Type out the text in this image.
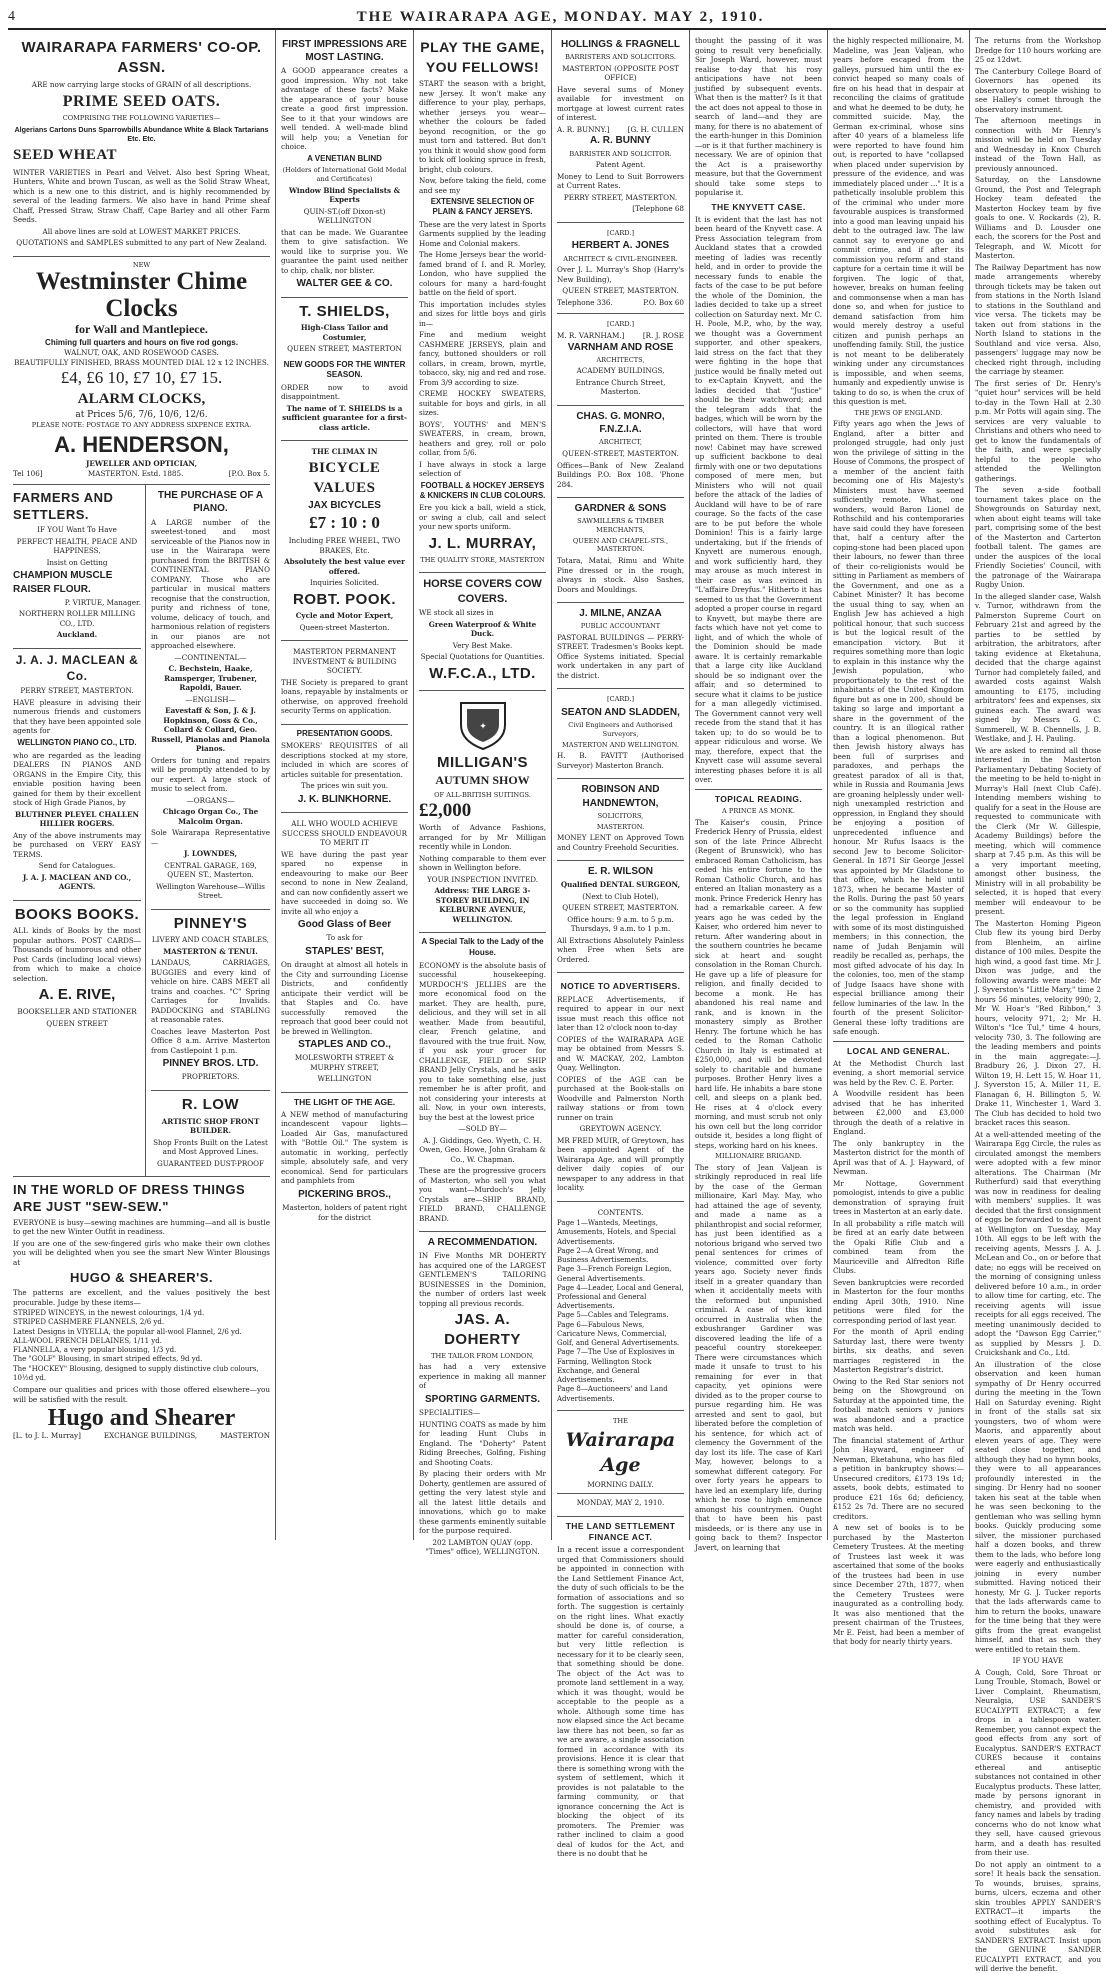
4	THE WAIRARAPA AGE, MONDAY. MAY 2, 1910.
WAIRARAPA FARMERS' CO-OP. ASSN.

ARE now carrying large stocks of GRAIN of all descriptions.

PRIME SEED OATS.

COMPRISING THE FOLLOWING VARIETIES—

Algerians Cartons Duns Sparrowbills Abundance White & Black Tartarians Etc. Etc.

SEED WHEAT

WINTER VARIETIES in Pearl and Velvet. Also best Spring Wheat, Hunters, White and brown Tuscan, as well as the Solid Straw Wheat, which is a new one to this district, and is highly recommended by several of the leading farmers. We also have in hand Prime sheaf Chaff, Pressed Straw, Straw Chaff, Cape Barley and all other Farm Seeds.

All above lines are sold at LOWEST MARKET PRICES.

QUOTATIONS and SAMPLES submitted to any part of New Zealand.

NEW
Westminster Chime Clocks
for Wall and Mantlepiece.
Chiming full quarters and hours on five rod gongs.
WALNUT, OAK, AND ROSEWOOD CASES.
BEAUTIFULLY FINISHED, BRASS MOUNTED DIAL 12 x 12 INCHES.
£4, £6 10, £7 10, £7 15.
ALARM CLOCKS,
at Prices 5/6, 7/6, 10/6, 12/6.
PLEASE NOTE: POSTAGE TO ANY ADDRESS SIXPENCE EXTRA.
A. HENDERSON,
JEWELLER AND OPTICIAN,
Tel 106]	MASTERTON. Estd. 1885.	[P.O. Box 5.
FARMERS AND SETTLERS.

IF YOU Want To Have

PERFECT HEALTH, PEACE AND HAPPINESS,

Insist on Getting

CHAMPION MUSCLE RAISER FLOUR.

P. VIRTUE, Manager.

NORTHERN ROLLER MILLING CO., LTD.

Auckland.

J. A. J. MACLEAN & Co.

PERRY STREET, MASTERTON.

HAVE pleasure in advising their numerous friends and customers that they have been appointed sole agents for

WELLINGTON PIANO CO., LTD.

who are regarded as the leading DEALERS IN PIANOS AND ORGANS in the Empire City, this enviable position having been gained for them by their excellent stock of High Grade Pianos, by

BLUTHNER PLEYEL CHALLEN HILLIER ROGERS.

Any of the above instruments may be purchased on VERY EASY TERMS.

Send for Catalogues.

J. A. J. MACLEAN AND CO., AGENTS.

BOOKS BOOKS.

ALL kinds of Books by the most popular authors. POST CARDS—Thousands of humorous and other Post Cards (including local views) from which to make a choice selection.

A. E. RIVE,

BOOKSELLER AND STATIONER

QUEEN STREET

THE PURCHASE OF A PIANO.

A LARGE number of the sweetest-toned and most serviceable of the Pianos now in use in the Wairarapa were purchased from the BRITISH & CONTINENTAL PIANO COMPANY. Those who are particular in musical matters recognise that the construction, purity and richness of tone, volume, delicacy of touch, and harmonious relation of registers in our pianos are not approached elsewhere.

—CONTINENTAL—

C. Bechstein, Haake, Ramsperger, Trubener, Rapoldi, Bauer.

—ENGLISH—

Eavestaff & Son, J. & J. Hopkinson, Goss & Co., Collard & Collard, Geo. Russell, Pianolas and Pianola Pianos.

Orders for tuning and repairs will be promptly attended to by our expert. A large stock of music to select from.

—ORGANS—

Chicago Organ Co., The Malcolm Organ.

Sole Wairarapa Representative—

J. LOWNDES,

CENTRAL GARAGE, 169, QUEEN ST., Masterton.

Wellington Warehouse—Willis Street.

PINNEY'S

LIVERY AND COACH STABLES,

MASTERTON & TENUI.

LANDAUS, CARRIAGES, BUGGIES and every kind of vehicle on hire. CABS MEET all trains and coaches. "C" Spring Carriages for Invalids. PADDOCKING and STABLING at reasonable rates.

Coaches leave Masterton Post Office 8 a.m. Arrive Masterton from Castlepoint 1 p.m.

PINNEY BROS. LTD.

PROPRIETORS.

R. LOW

ARTISTIC SHOP FRONT BUILDER.

Shop Fronts Built on the Latest and Most Approved Lines.

GUARANTEED DUST-PROOF

IN THE WORLD OF DRESS THINGS ARE JUST "SEW-SEW."

EVERYONE is busy—sewing machines are humming—and all is bustle to get the new Winter Outfit in readiness.

If you are one of the sew-fingered girls who make their own clothes you will be delighted when you see the smart New Winter Blousings at

HUGO & SHEARER'S.

The patterns are excellent, and the values positively the best procurable. Judge by these items—

STRIPED WINCEYS, in the newest colourings, 1/4 yd.
STRIPED CASHMERE FLANNELS, 2/6 yd.
Latest Designs in VIYELLA, the popular all-wool Flannel, 2/6 yd.
ALL-WOOL FRENCH DELAINES, 1/11 yd.
FLANNELLA, a very popular blousing, 1/3 yd.
The "GOLF" Blousing, in smart striped effects, 9d yd.
The "HOCKEY" Blousing, designed to supply distinctive club colours, 10½d yd.

Compare our qualities and prices with those offered elsewhere—you will be satisfied with the result.

Hugo and Shearer
[L. to J. L. Murray]	EXCHANGE BUILDINGS,	MASTERTON
FIRST IMPRESSIONS ARE MOST LASTING.

A GOOD appearance creates a good impression. Why not take advantage of these facts? Make the appearance of your house create a good first impression. See to it that your windows are well tended. A well-made blind will help you; a Venetian for choice.

A VENETIAN BLIND

(Holders of International Gold Medal and Certificates)

Window Blind Specialists & Experts

QUIN-ST.(off Dixon-st) WELLINGTON

that can be made. We Guarantee them to give satisfaction. We would like to surprise you. We guarantee the paint used neither to chip, chalk, nor blister.

WALTER GEE & CO.
T. SHIELDS,

High-Class Tailor and Costumier,

QUEEN STREET, MASTERTON

NEW GOODS FOR THE WINTER SEASON.

ORDER now to avoid disappointment.

The name of T. SHIELDS is a sufficient guarantee for a first-class article.

THE CLIMAX IN

BICYCLE VALUES
JAX BICYCLES
£7 : 10 : 0

Including FREE WHEEL, TWO BRAKES, Etc.

Absolutely the best value ever offered.

Inquiries Solicited.

ROBT. POOK.

Cycle and Motor Expert,

Queen-street Masterton.

MASTERTON PERMANENT INVESTMENT & BUILDING SOCIETY.

THE Society is prepared to grant loans, repayable by instalments or otherwise, on approved freehold security Terms on application.

PRESENTATION GOODS.

SMOKERS' REQUISITES of all descriptions stocked at my store, included in which are scores of articles suitable for presentation.

The prices win suit you.

J. K. BLINKHORNE.

ALL WHO WOULD ACHIEVE SUCCESS SHOULD ENDEAVOUR TO MERIT IT

WE have during the past year spared no expense in endeavouring to make our Beer second to none in New Zealand, and can now confidently assert we have succeeded in doing so. We invite all who enjoy a

Good Glass of Beer

To ask for

STAPLES' BEST,

On draught at almost all hotels in the City and surrounding License Districts, and confidently anticipate their verdict will be that Staples and Co. have successfully removed the reproach that good beer could not be brewed in Wellington.

STAPLES AND CO.,

MOLESWORTH STREET & MURPHY STREET,

WELLINGTON

THE LIGHT OF THE AGE.

A NEW method of manufacturing incandescent vapour lights—Loaded Air Gas, manufactured with "Bottle Oil." The system is automatic in working, perfectly simple, absolutely safe, and very economical. Send for particulars and pamphlets from

PICKERING BROS.,

Masterton, holders of patent right for the district

PLAY THE GAME, YOU FELLOWS!

START the season with a bright, new Jersey. It won't make any difference to your play, perhaps, whether jerseys you wear—whether the colours be faded beyond recognition, or the go must torn and tattered. But don't you think it would show good form to kick off looking spruce in fresh, bright, club colours.

Now, before taking the field, come and see my

EXTENSIVE SELECTION OF PLAIN & FANCY JERSEYS.

These are the very latest in Sports Garments supplied by the leading Home and Colonial makers.

The Home Jerseys bear the world-famed brand of I. and R. Morley, London, who have supplied the colours for many a hard-fought battle on the field of sport.

This importation includes styles and sizes for little boys and girls in—

Fine and medium weight CASHMERE JERSEYS, plain and fancy, buttoned shoulders or roll collars, in cream, brown, myrtle, tobacco, sky, nig and red and rose. From 3/9 according to size.

CREME HOCKEY SWEATERS, suitable for boys and girls, in all sizes.

BOYS', YOUTHS' and MEN'S SWEATERS, in cream, brown, heathers and grey, roll or polo collar, from 5/6.

I have always in stock a large selection of

FOOTBALL & HOCKEY JERSEYS & KNICKERS IN CLUB COLOURS.

Ere you kick a ball, wield a stick, or swing a club, call and select your new sports uniform.

J. L. MURRAY,

THE QUALITY STORE, MASTERTON

HORSE COVERS COW COVERS.

WE stock all sizes in

Green Waterproof & White Duck.

Very Best Make.

Special Quotations for Quantities.

W.F.C.A., LTD.
✦
MILLIGAN'S
AUTUMN SHOW

OF ALL-BRITISH SUITINGS.

£2,000

Worth of Advance Fashions, arranged for by Mr Milligan recently while in London.

Nothing comparable to them ever shown in Wellington before.

YOUR INSPECTION INVITED.

Address: THE LARGE 3-STOREY BUILDING, IN KELBURNE AVENUE, WELLINGTON.

A Special Talk to the Lady of the House.

ECONOMY is the absolute basis of successful housekeeping. MURDOCH'S JELLIES are the more economical food on the market. They are health, pure, delicious, and they will set in all weather. Made from beautiful, clear, French gelatine, and flavoured with the true fruit. Now, if you ask your grocer for CHALLENGE, FIELD or SHIP BRAND Jelly Crystals, and he asks you to take something else, just remember he is after profit, and not considering your interests at all. Now, in your own interests, buy the best at the lowest price

—SOLD BY—

A. J. Giddings, Geo. Wyeth, C. H. Owen, Geo. Howe, John Graham & Co., W. Chapman.

These are the progressive grocers of Masterton, who sell you what you want—Murdoch's Jelly Crystals are—SHIP BRAND, FIELD BRAND, CHALLENGE BRAND.

A RECOMMENDATION.

IN Five Months MR DOHERTY has acquired one of the LARGEST GENTLEMEN'S TAILORING BUSINESSES in the Dominion, the number of orders last week topping all previous records.

JAS. A. DOHERTY

THE TAILOR FROM LONDON,

has had a very extensive experience in making all manner of

SPORTING GARMENTS.

SPECIALITIES—

HUNTING COATS as made by him for leading Hunt Clubs in England. The "Doherty" Patent Riding Breeches, Golfing, Fishing and Shooting Coats.

By placing their orders with Mr Doherty, gentlemen are assured of getting the very latest style and all the latest little details and innovations, which go to make these garments eminently suitable for the purpose required.

202 LAMBTON QUAY (opp. "Times" office), WELLINGTON.

HOLLINGS & FRAGNELL

BARRISTERS AND SOLICITORS.

MASTERTON (OPPOSITE POST OFFICE)

Have several sums of Money available for investment on mortgage at lowest current rates of interest.

A. R. BUNNY.]	[G. H. CULLEN
A. R. BUNNY

BARRISTER AND SOLICITOR.

Patent Agent.

Money to Lend to Suit Borrowers at Current Rates.

PERRY STREET, MASTERTON.

[Telephone 68

[CARD.]

HERBERT A. JONES

ARCHITECT & CIVIL-ENGINEER.

Over J. L. Murray's Shop (Harry's New Building),

QUEEN STREET, MASTERTON.

Telephone 336.	P.O. Box 60

[CARD.]

M. R. VARNHAM.]	[R. J. ROSE
VARNHAM AND ROSE

ARCHITECTS,

ACADEMY BUILDINGS,

Entrance Church Street, Masterton.

CHAS. G. MONRO, F.N.Z.I.A.

ARCHITECT,

QUEEN-STREET, MASTERTON.

Offices—Bank of New Zealand Buildings P.O. Box 108. 'Phone 284.

GARDNER & SONS

SAWMILLERS & TIMBER MERCHANTS,

QUEEN AND CHAPEL-STS., MASTERTON.

Totara, Matai, Rimu and White Pine dressed or in the rough, always in stock. Also Sashes, Doors and Mouldings.

J. MILNE, ANZAA

PUBLIC ACCOUNTANT

PASTORAL BUILDINGS — PERRY-STREET. Tradesmen's Books kept. Office Systems initiated. Special work undertaken in any part of the district.

[CARD.]

SEATON AND SLADDEN,

Civil Engineers and Authorised Surveyors,

MASTERTON AND WELLINGTON.

H. B. FAVITT (Authorised Surveyor) Masterton Branch.

ROBINSON AND HANDNEWTON,

SOLICITORS,

MASTERTON.

MONEY LENT on Approved Town and Country Freehold Securities.

E. R. WILSON

Qualified DENTAL SURGEON,

(Next to Club Hotel),

QUEEN STREET, MASTERTON.

Office hours: 9 a.m. to 5 p.m. Thursdays, 9 a.m. to 1 p.m.

All Extractions Absolutely Painless when Free when Sets are Ordered.

NOTICE TO ADVERTISERS.

REPLACE Advertisements, if required to appear in our next issue must reach this office not later than 12 o'clock noon to-day

COPIES of the WAIRARAPA AGE may be obtained from Messrs S. and W. MACKAY, 202, Lambton Quay, Wellington.

COPIES of the AGE can be purchased at the Book-stalls on Woodville and Palmerston North railway stations or from town runner on train

GREYTOWN AGENCY.

MR FRED MUIR, of Greytown, has been appointed Agent of the Wairarapa Age, and will promptly deliver daily copies of our newspaper to any address in that locality.

CONTENTS.

Page 1—Wanteds, Meetings, Amusements, Hotels, and Special Advertisements.
Page 2—A Great Wrong, and Business Advertisements.
Page 3—French Foreign Legion, General Advertisements.
Page 4—Leader, Local and General, Professional and General Advertisements.
Page 5—Cables and Telegrams.
Page 6—Fabulous News, Caricature News, Commercial, Golf, and General Advertisements.
Page 7—The Use of Explosives in Farming, Wellington Stock Exchange, and General Advertisements.
Page 8—Auctioneers' and Land Advertisements.

THE

Wairarapa Age

MORNING DAILY.

MONDAY, MAY 2, 1910.

THE LAND SETTLEMENT FINANCE ACT.

In a recent issue a correspondent urged that Commissioners should be appointed in connection with the Land Settlement Finance Act, the duty of such officials to be the formation of associations and so forth. The suggestion is certainly on the right lines. What exactly should be done is, of course, a matter for careful consideration, but very little reflection is necessary for it to be clearly seen, that something should be done. The object of the Act was to promote land settlement in a way, which it was thought, would be acceptable to the people as a whole. Although some time has now elapsed since the Act became law there has not been, so far as we are aware, a single association formed in accordance with its provisions. Hence it is clear that there is something wrong with the system of settlement, which it provides is not palatable to the farming community, or that ignorance concerning the Act is blocking the object of its promoters. The Premier was rather inclined to claim a good deal of kudos for the Act, and there is no doubt that he

thought the passing of it was going to result very beneficially. Sir Joseph Ward, however, must realise to-day that his rosy anticipations have not been justified by subsequent events. What then is the matter? Is it that the act does not appeal to those in search of land—and they are many, for there is no abatement of the earth-hunger in this Dominion—or is it that further machinery is necessary. We are of opinion that the Act is a praiseworthy measure, but that the Government should take some steps to popularise it.

THE KNYVETT CASE.

It is evident that the last has not been heard of the Knyvett case. A Press Association telegram from Auckland states that a crowded meeting of ladies was recently held, and in order to provide the necessary funds to enable the facts of the case to be put before the whole of the Dominion, the ladies decided to take up a street collection on Saturday next. Mr C. H. Poole, M.P., who, by the way, we thought was a Government supporter, and other speakers, laid stress on the fact that they were fighting in the hope that justice would be finally meted out to ex-Captain Knyvett, and the ladies decided that "Justice" should be their watchword; and the telegram adds that the badges, which will be worn by the collectors, will have that word printed on them. There is trouble now! Cabinet may have screwed up sufficient backbone to deal firmly with one or two deputations composed of mere men, but Ministers who will not quail before the attack of the ladies of Auckland will have to be of rare courage. So the facts of the case are to be put before the whole Dominion! This is a fairly large undertaking, but if the friends of Knyvett are numerous enough, and work sufficiently hard, they may arouse as much interest in their case as was evinced in "L'affaire Dreyfus." Hitherto it has seemed to us that the Government adopted a proper course in regard to Knyvett, but maybe there are facts which have not yet come to light, and of which the whole of the Dominion should be made aware. It is certainly remarkable that a large city like Auckland should be so indignant over the affair, and so determined to secure what it claims to be justice for a man allegedly victimised. The Government cannot very well recede from the stand that it has taken up; to do so would be to appear ridiculous and worse. We may, therefore, expect that the Knyvett case will assume several interesting phases before it is all over.

TOPICAL READING.

A PRINCE AS MONK.

The Kaiser's cousin, Prince Frederick Henry of Prussia, eldest son of the late Prince Albrecht (Regent of Brunswick), who has embraced Roman Catholicism, has ceded his entire fortune to the Roman Catholic Church, and has entered an Italian monastery as a monk. Prince Frederick Henry has had a remarkable career. A few years ago he was ceded by the Kaiser, who ordered him never to return. After wandering about in the southern countries he became sick at heart and sought consolation in the Roman Church. He gave up a life of pleasure for religion, and finally decided to become a monk. He has abandoned his real name and rank, and is known in the monastery simply as Brother Henry. The fortune which he has ceded to the Roman Catholic Church in Italy is estimated at £250,000, and will be devoted solely to charitable and humane purposes. Brother Henry lives a hard life. He inhabits a bare stone cell, and sleeps on a plank bed. He rises at 4 o'clock every morning, and must scrub not only his own cell but the long corridor outside it, besides a long flight of steps, working hard on his knees.

MILLIONAIRE BRIGAND.

The story of Jean Valjean is strikingly reproduced in real life by the case of the German millionaire, Karl May. May, who had attained the age of seventy, and made a name as a philanthropist and social reformer, has just been identified as a notorious brigand who served two penal sentences for crimes of violence, committed over forty years ago. Society never finds itself in a greater quandary than when it accidentally meets with the reformed but unpunished criminal. A case of this kind occurred in Australia when the exbushranger Gardiner was discovered leading the life of a peaceful country storekeeper. There were circumstances which made it unsafe to trust to his remaining for ever in that capacity, yet opinions were divided as to the proper course to pursue regarding him. He was arrested and sent to gaol, but liberated before the completion of his sentence, for which act of clemency the Government of the day lost its life. The case of Karl May, however, belongs to a somewhat different category. For over forty years he appears to have led an exemplary life, during which he rose to high eminence amongst his countrymen. Ought that to have been his past misdeeds, or is there any use in going back to them? Inspector Javert, on learning that

the highly respected millionaire, M. Madeline, was Jean Valjean, who years before escaped from the galleys, pursued him until the ex-convict heaped so many coals of fire on his head that in despair at reconciling the claims of gratitude and what he deemed to be duty, he committed suicide. May, the German ex-criminal, whose sins after 40 years of a blameless life were reported to have found him out, is reported to have "collapsed when placed under supervision by pressure of the evidence, and was immediately placed under ..." It is a pathetically insoluble problem this of the criminal who under more favourable auspices is transformed into a good man leaving unpaid his debt to the outraged law. The law cannot say to everyone go and commit crime, and if after its commission you reform and stand capture for a certain time it will be forgiven. The logic of that, however, breaks on human feeling and commonsense when a man has done so, and when for justice to demand satisfaction from him would merely destroy a useful citizen and punish perhaps an unoffending family. Still, the justice is not meant to be deliberately winking under any circumstances is impossible, and when seems, humanly and expediently unwise is taking to do so, is when the crux of this question is met.

THE JEWS OF ENGLAND.

Fifty years ago when the Jews of England, after a bitter and prolonged struggle, had only just won the privilege of sitting in the House of Commons, the prospect of a member of the ancient faith becoming one of His Majesty's Ministers must have seemed sufficiently remote. What, one wonders, would Baron Lionel de Rothschild and his contemporaries have said could they have foreseen that, half a century after the coping-stone had been placed upon their labours, no fewer than three of their co-religionists would be sitting in Parliament as members of the Government, and one as a Cabinet Minister? It has become the usual thing to say, when an English Jew has achieved a high political honour, that such success is but the logical result of the emancipation victory. But it requires something more than logic to explain in this instance why the Jewish population, who proportionately to the rest of the inhabitants of the United Kingdom figure but as one in 200, should be taking so large and important a share in the government of the country. It is an illogical rather than a logical phenomenon. But then Jewish history always has been full of surprises and paradoxes, and perhaps the greatest paradox of all is that, while in Russia and Roumania Jews are groaning helplessly under well-nigh unexampled restriction and oppression, in England they should be enjoying a position of unprecedented influence and honour. Mr Rufus Isaacs is the second Jew to become Solicitor-General. In 1871 Sir George Jessel was appointed by Mr Gladstone to that office, which he held until 1873, when he became Master of the Rolls. During the past 50 years or so the community has supplied the legal profession in England with some of its most distinguished members; in this connection, the name of Judah Benjamin will readily be recalled as, perhaps, the most gifted advocate of his day. In the colonies, too, men of the stamp of Judge Isaacs have shone with especial brilliance among their fellow luminaries of the law. In the fourth of the present Solicitor-General these lofty traditions are safe enough.

LOCAL AND GENERAL.

At the Methodist Church last evening, a short memorial service was held by the Rev. C. E. Porter.

A Woodville resident has been advised that he has inherited between £2,000 and £3,000 through the death of a relative in England.

The only bankruptcy in the Masterton district for the month of April was that of A. J. Hayward, of Newman.

Mr Nottage, Government pomologist, intends to give a public demonstration of spraying fruit trees in Masterton at an early date.

In all probability a rifle match will be fired at an early date between the Opaki Rifle Club and a combined team from the Mauriceville and Alfredton Rifle Clubs.

Seven bankruptcies were recorded in Masterton for the four months ending April 30th, 1910. Nine petitions were filed for the corresponding period of last year.

For the month of April ending Saturday last, there were twenty births, six deaths, and seven marriages registered in the Masterton Registrar's district.

Owing to the Red Star seniors not being on the Showground on Saturday at the appointed time, the football match seniors v juniors was abandoned and a practice match was held.

The financial statement of Arthur John Hayward, engineer of Newman, Eketahuna, who has filed a petition in bankruptcy shows:—Unsecured creditors, £173 19s 1d; assets, book debts, estimated to produce £21 16s 6d; deficiency, £152 2s 7d. There are no secured creditors.

A new set of books is to be purchased by the Masterton Cemetery Trustees. At the meeting of Trustees last week it was ascertained that some of the books of the trustees had been in use since December 27th, 1877, when the Cemetery Trustees were inaugurated as a controlling body. It was also mentioned that the present chairman of the Trustees, Mr E. Feist, had been a member of that body for nearly thirty years.

The returns from the Workshop Dredge for 110 hours working are 25 oz 12dwt.

The Canterbury College Board of Governors has opened its observatory to people wishing to see Halley's comet through the observatory instrument.

The afternoon meetings in connection with Mr Henry's mission will be held on Tuesday and Wednesday in Knox Church instead of the Town Hall, as previously announced.

Saturday, on the Lansdowne Ground, the Post and Telegraph Hockey team defeated the Masterton Hockey team by five goals to one. V. Rockards (2), R. Williams and D. Lousder one each, the scorers for the Post and Telegraph, and W. Micott for Masterton.

The Railway Department has now made arrangements whereby through tickets may be taken out from stations in the North Island to stations in the Southland and vice versa. The tickets may be taken out from stations in the North Island to stations in the Southland and vice versa. Also, passengers' luggage may now be checked right through, including the carriage by steamer.

The first series of Dr. Henry's "quiet hour" services will be held to-day in the Town Hall at 2.30 p.m. Mr Potts will again sing. The services are very valuable to Christians and others who need to get to know the fundamentals of the faith, and were specially helpful to the people who attended the Wellington gatherings.

The seven a-side football tournament takes place on the Showgrounds on Saturday next, when about eight teams will take part, comprising some of the best of the Masterton and Carterton football talent. The games are under the auspices of the local Friendly Societies' Council, with the patronage of the Wairarapa Rugby Union.

In the alleged slander case, Walsh v. Turnor, withdrawn from the Palmerston Supreme Court on February 21st and agreed by the parties to be settled by arbitration, the arbitrators, after taking evidence at Eketahuna, decided that the charge against Turnor had completely failed, and awarded costs against Walsh amounting to £175, including arbitrators' fees and expenses, six guineas each. The award was signed by Messrs G. C. Summerell, W. B. Chennells, J. B. Westlake, and J. H. Pauling.

We are asked to remind all those interested in the Masterton Parliamentary Debating Society of the meeting to be held to-night in Murray's Hall (next Club Café). Intending members wishing to qualify for a seat in the House are requested to communicate with the Clerk (Mr W. Gillespie, Academy Buildings) before the meeting, which will commence sharp at 7.45 p.m. As this will be a very important meeting, amongst other business, the Ministry will in all probability be selected, it is hoped that every member will endeavour to be present.

The Masterton Homing Pigeon Club flew its young bird Derby from Blenheim, an airline distance of 100 miles. Despite the high wind, a good fast time. Mr J. Dixon was judge, and the following awards were made: Mr J. Syverston's "Little Mary," time 2 hours 56 minutes, velocity 990; 2, Mr W. Hoar's "Red Ribbon," 3 hours, velocity 971, 2; Mr H. Wilton's "Ice Tul," time 4 hours, velocity 730, 3. The following are the leading members and points in the main aggregate:—J. Bradbury 26, J. Dixon 27, H. Wilton 19, H. Lett 15, W. Hoar 11, J. Syverston 15, A. Miller 11, E. Flanagan 6, H. Billington 5, W. Drake 11, Winchester 1, Ward 3. The Club has decided to hold two bracket races this season.

At a well-attended meeting of the Wairarapa Egg Circle, the rules as circulated amongst the members were adopted with a few minor alterations. The Chairman (Mr Rutherfurd) said that everything was now in readiness for dealing with members' supplies. It was decided that the first consignment of eggs be forwarded to the agent at Wellington on Tuesday, May 10th. All eggs to be left with the receiving agents, Messrs J. A. J. McLean and Co., on or before that date; no eggs will be received on the morning of consigning unless delivered before 10 a.m., in order to allow time for carting, etc. The receiving agents will issue receipts for all eggs received. The meeting unanimously decided to adopt the "Dawson Egg Carrier," as supplied by Messrs J. D. Cruickshank and Co., Ltd.

An illustration of the close observation and keen human sympathy of Dr Henry occurred during the meeting in the Town Hall on Saturday evening. Right in front of the stalls sat six youngsters, two of whom were Maoris, and apparently about eleven years of age. They were seated close together, and although they had no hymn books, they were to all appearances profoundly interested in the singing. Dr Henry had no sooner taken his seat at the table when he was seen beckoning to the gentleman who was selling hymn books. Quickly producing some silver, the missioner purchased half a dozen books, and threw them to the lads, who before long were eagerly and enthusiastically joining in every number submitted. Having noticed their honesty, Mr G. J. Tucker reports that the lads afterwards came to him to return the books, unaware for the time being that they were gifts from the great evangelist himself, and that as such they were entitled to retain them.

IF YOU HAVE

A Cough, Cold, Sore Throat or Lung Trouble, Stomach, Bowel or Liver Complaint, Rheumatism, Neuralgia, USE SANDER'S EUCALYPTI EXTRACT; a few drops in a tablespoon water. Remember, you cannot expect the good effects from any sort of Eucalyptus. SANDER'S EXTRACT CURES because it contains ethereal and antiseptic substances not contained in other Eucalyptus products. These latter, made by persons ignorant in chemistry, and provided with fancy names and labels by trading concerns who do not know what they sell, have caused grievous harm, and a death has resulted from their use.

Do not apply an ointment to a sore! It heals back the sensation. To wounds, bruises, sprains, burns, ulcers, eczema and other skin troubles APPLY SANDER'S EXTRACT—it imparts the soothing effect of Eucalyptus. To avoid substitutes ask for SANDER'S EXTRACT. Insist upon the GENUINE SANDER EUCALYPTI EXTRACT, and you will derive the benefit.
